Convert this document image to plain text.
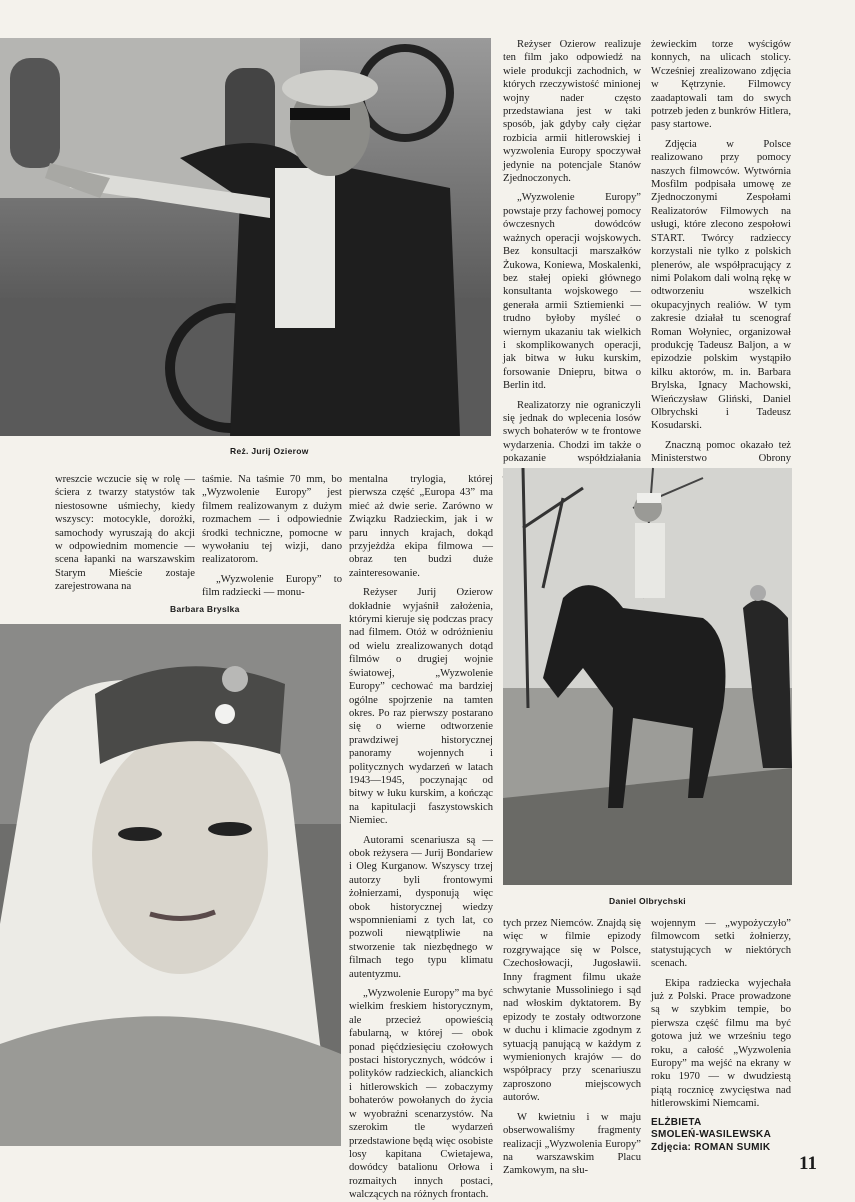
Reż. Jurij Ozierow

Reżyser Ozierow realizuje ten film jako odpowiedź na wiele produkcji zachodnich, w których rzeczywistość minionej wojny nader często przedstawiana jest w taki sposób, jak gdyby cały ciężar rozbicia armii hitlerowskiej i wyzwolenia Europy spoczywał jedynie na potencjale Stanów Zjednoczonych.

„Wyzwolenie Europy” powstaje przy fachowej pomocy ówczesnych dowódców ważnych operacji wojskowych. Bez konsultacji marszałków Żukowa, Koniewa, Moskalenki, bez stałej opieki głównego konsultanta wojskowego — generała armii Sztiemienki — trudno byłoby myśleć o wiernym ukazaniu tak wielkich i skomplikowanych operacji, jak bitwa w łuku kurskim, forsowanie Dniepru, bitwa o Berlin itd.

Realizatorzy nie ograniczyli się jednak do wplecenia losów swych bohaterów w te frontowe wydarzenia. Chodzi im także o pokazanie współdziałania

żewieckim torze wyścigów konnych, na ulicach stolicy. Wcześniej zrealizowano zdjęcia w Kętrzynie. Filmowcy zaadaptowali tam do swych potrzeb jeden z bunkrów Hitlera, pasy startowe.

Zdjęcia w Polsce realizowano przy pomocy naszych filmowców. Wytwórnia Mosfilm podpisała umowę ze Zjednoczonymi Zespołami Realizatorów Filmowych na usługi, które zlecono zespołowi START. Twórcy radzieccy korzystali nie tylko z polskich plenerów, ale współpracujący z nimi Polakom dali wolną rękę w odtworzeniu wszelkich okupacyjnych realiów. W tym zakresie działał tu scenograf Roman Wołyniec, organizował produkcję Tadeusz Baljon, a w epizodzie polskim wystąpiło kilku aktorów, m. in. Barbara Brylska, Ignacy Machowski, Wieńczysław Gliński, Daniel Olbrychski i Tadeusz Kosudarski.

Znaczną pomoc okazało też Ministerstwo Obrony

wreszcie wczucie się w rolę — ściera z twarzy statystów tak niestosowne uśmiechy, kiedy wszyscy: motocykle, dorożki, samochody wyruszają do akcji w odpowiednim momencie — scena łapanki na warszawskim Starym Mieście zostaje zarejestrowana na

taśmie. Na taśmie 70 mm, bo „Wyzwolenie Europy” jest filmem realizowanym z dużym rozmachem — i odpowiednie środki techniczne, pomocne w wywołaniu tej wizji, dano realizatorom.

„Wyzwolenie Europy” to film radziecki — monu-

Barbara Bryslka

mentalna trylogia, której pierwsza część „Europa 43” ma mieć aż dwie serie. Zarówno w Związku Radzieckim, jak i w paru innych krajach, dokąd przyjeżdża ekipa filmowa — obraz ten budzi duże zainteresowanie.

Reżyser Jurij Ozierow dokładnie wyjaśnił założenia, którymi kieruje się podczas pracy nad filmem. Otóż w odróżnieniu od wielu zrealizowanych dotąd filmów o drugiej wojnie światowej, „Wyzwolenie Europy” cechować ma bardziej ogólne spojrzenie na tamten okres. Po raz pierwszy postarano się o wierne odtworzenie prawdziwej historycznej panoramy wojennych i politycznych wydarzeń w latach 1943—1945, poczynając od bitwy w łuku kurskim, a kończąc na kapitulacji faszystowskich Niemiec.

Autorami scenariusza są — obok reżysera — Jurij Bondariew i Oleg Kurganow. Wszyscy trzej autorzy byli frontowymi żołnierzami, dysponują więc obok historycznej wiedzy wspomnieniami z tych lat, co pozwoli niewątpliwie na stworzenie tak niezbędnego w filmach tego typu klimatu autentyzmu.

„Wyzwolenie Europy” ma być wielkim freskiem historycznym, ale przecież opowieścią fabularną, w której — obok ponad pięćdziesięciu czołowych postaci historycznych, wódców i polityków radzieckich, alianckich i hitlerowskich — zobaczymy bohaterów powołanych do życia w wyobraźni scenarzystów. Na szerokim tle wydarzeń przedstawione będą więc osobiste losy kapitana Cwietajewa, dowódcy batalionu Orłowa i rozmaitych innych postaci, walczących na różnych frontach.

Daniel Olbrychski

tych przez Niemców. Znajdą się więc w filmie epizody rozgrywające się w Polsce, Czechosłowacji, Jugosławii. Inny fragment filmu ukaże schwytanie Mussoliniego i sąd nad włoskim dyktatorem. By epizody te zostały odtworzone w duchu i klimacie zgodnym z sytuacją panującą w każdym z wymienionych krajów — do współpracy przy scenariuszu zaproszono miejscowych autorów.

W kwietniu i w maju obserwowaliśmy fragmenty realizacji „Wyzwolenia Europy” na warszawskim Placu Zamkowym, na słu-

wojennym — „wypożyczyło” filmowcom setki żołnierzy, statystujących w niektórych scenach.

Ekipa radziecka wyjechała już z Polski. Prace prowadzone są w szybkim tempie, bo pierwsza część filmu ma być gotowa już we wrześniu tego roku, a całość „Wyzwolenia Europy” ma wejść na ekrany w roku 1970 — w dwudziestą piątą rocznicę zwycięstwa nad hitlerowskimi Niemcami.

ELŻBIETA
SMOLEŃ-WASILEWSKA
Zdjęcia: ROMAN SUMIK
11
